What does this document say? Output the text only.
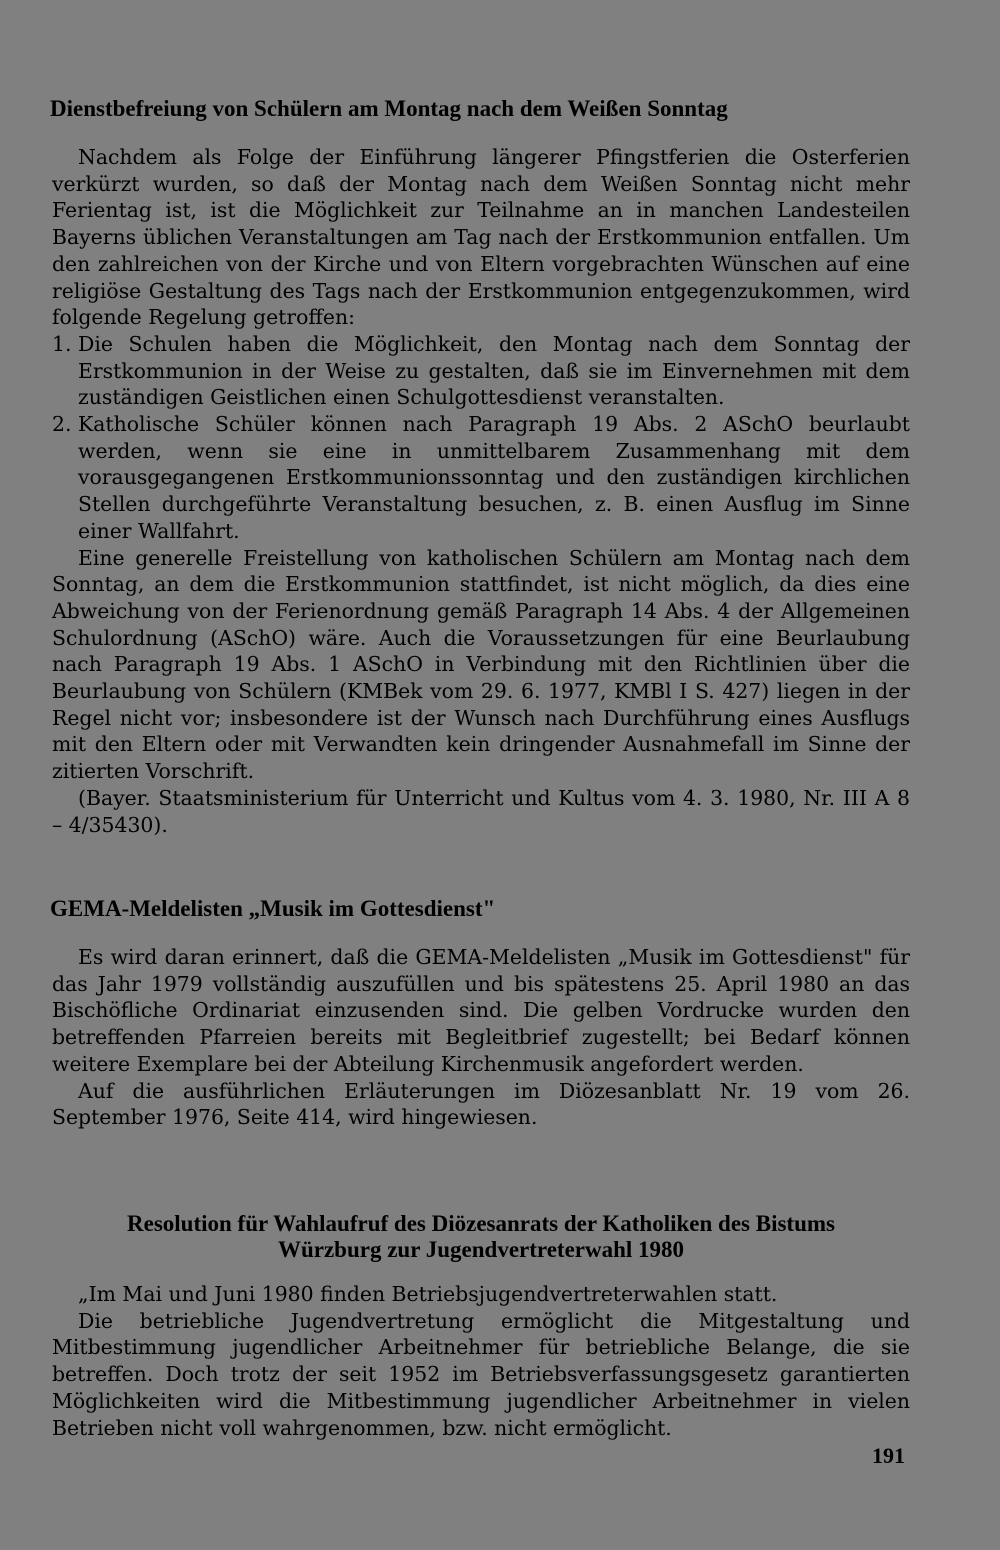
Dienstbefreiung von Schülern am Montag nach dem Weißen Sonntag

Nachdem als Folge der Einführung längerer Pfingstferien die Osterferien verkürzt wurden, so daß der Montag nach dem Weißen Sonntag nicht mehr Ferientag ist, ist die Möglichkeit zur Teilnahme an in manchen Landesteilen Bayerns üblichen Veranstaltungen am Tag nach der Erstkommunion entfallen. Um den zahlreichen von der Kirche und von Eltern vorgebrachten Wünschen auf eine religiöse Gestaltung des Tags nach der Erstkommunion entgegenzukommen, wird folgende Regelung getroffen:

1. Die Schulen haben die Möglichkeit, den Montag nach dem Sonntag der Erstkommunion in der Weise zu gestalten, daß sie im Einvernehmen mit dem zuständigen Geistlichen einen Schulgottesdienst veranstalten.

2. Katholische Schüler können nach Paragraph 19 Abs. 2 ASchO beurlaubt werden, wenn sie eine in unmittelbarem Zusammenhang mit dem vorausgegangenen Erstkommunionssonntag und den zuständigen kirchlichen Stellen durchgeführte Veranstaltung besuchen, z. B. einen Ausflug im Sinne einer Wallfahrt.

Eine generelle Freistellung von katholischen Schülern am Montag nach dem Sonntag, an dem die Erstkommunion stattfindet, ist nicht möglich, da dies eine Abweichung von der Ferienordnung gemäß Paragraph 14 Abs. 4 der Allgemeinen Schulordnung (ASchO) wäre. Auch die Voraussetzungen für eine Beurlaubung nach Paragraph 19 Abs. 1 ASchO in Verbindung mit den Richtlinien über die Beurlaubung von Schülern (KMBek vom 29. 6. 1977, KMBl I S. 427) liegen in der Regel nicht vor; insbesondere ist der Wunsch nach Durchführung eines Ausflugs mit den Eltern oder mit Verwandten kein dringender Ausnahmefall im Sinne der zitierten Vorschrift.

(Bayer. Staatsministerium für Unterricht und Kultus vom 4. 3. 1980, Nr. III A 8 – 4/35430).

GEMA-Meldelisten „Musik im Gottesdienst"

Es wird daran erinnert, daß die GEMA-Meldelisten „Musik im Gottesdienst" für das Jahr 1979 vollständig auszufüllen und bis spätestens 25. April 1980 an das Bischöfliche Ordinariat einzusenden sind. Die gelben Vordrucke wurden den betreffenden Pfarreien bereits mit Begleitbrief zugestellt; bei Bedarf können weitere Exemplare bei der Abteilung Kirchenmusik angefordert werden.

Auf die ausführlichen Erläuterungen im Diözesanblatt Nr. 19 vom 26. September 1976, Seite 414, wird hingewiesen.

Resolution für Wahlaufruf des Diözesanrats der Katholiken des Bistums
Würzburg zur Jugendvertreterwahl 1980

„Im Mai und Juni 1980 finden Betriebsjugendvertreterwahlen statt.

Die betriebliche Jugendvertretung ermöglicht die Mitgestaltung und Mitbestimmung jugendlicher Arbeitnehmer für betriebliche Belange, die sie betreffen. Doch trotz der seit 1952 im Betriebsverfassungsgesetz garantierten Möglichkeiten wird die Mitbestimmung jugendlicher Arbeitnehmer in vielen Betrieben nicht voll wahrgenommen, bzw. nicht ermöglicht.

191
